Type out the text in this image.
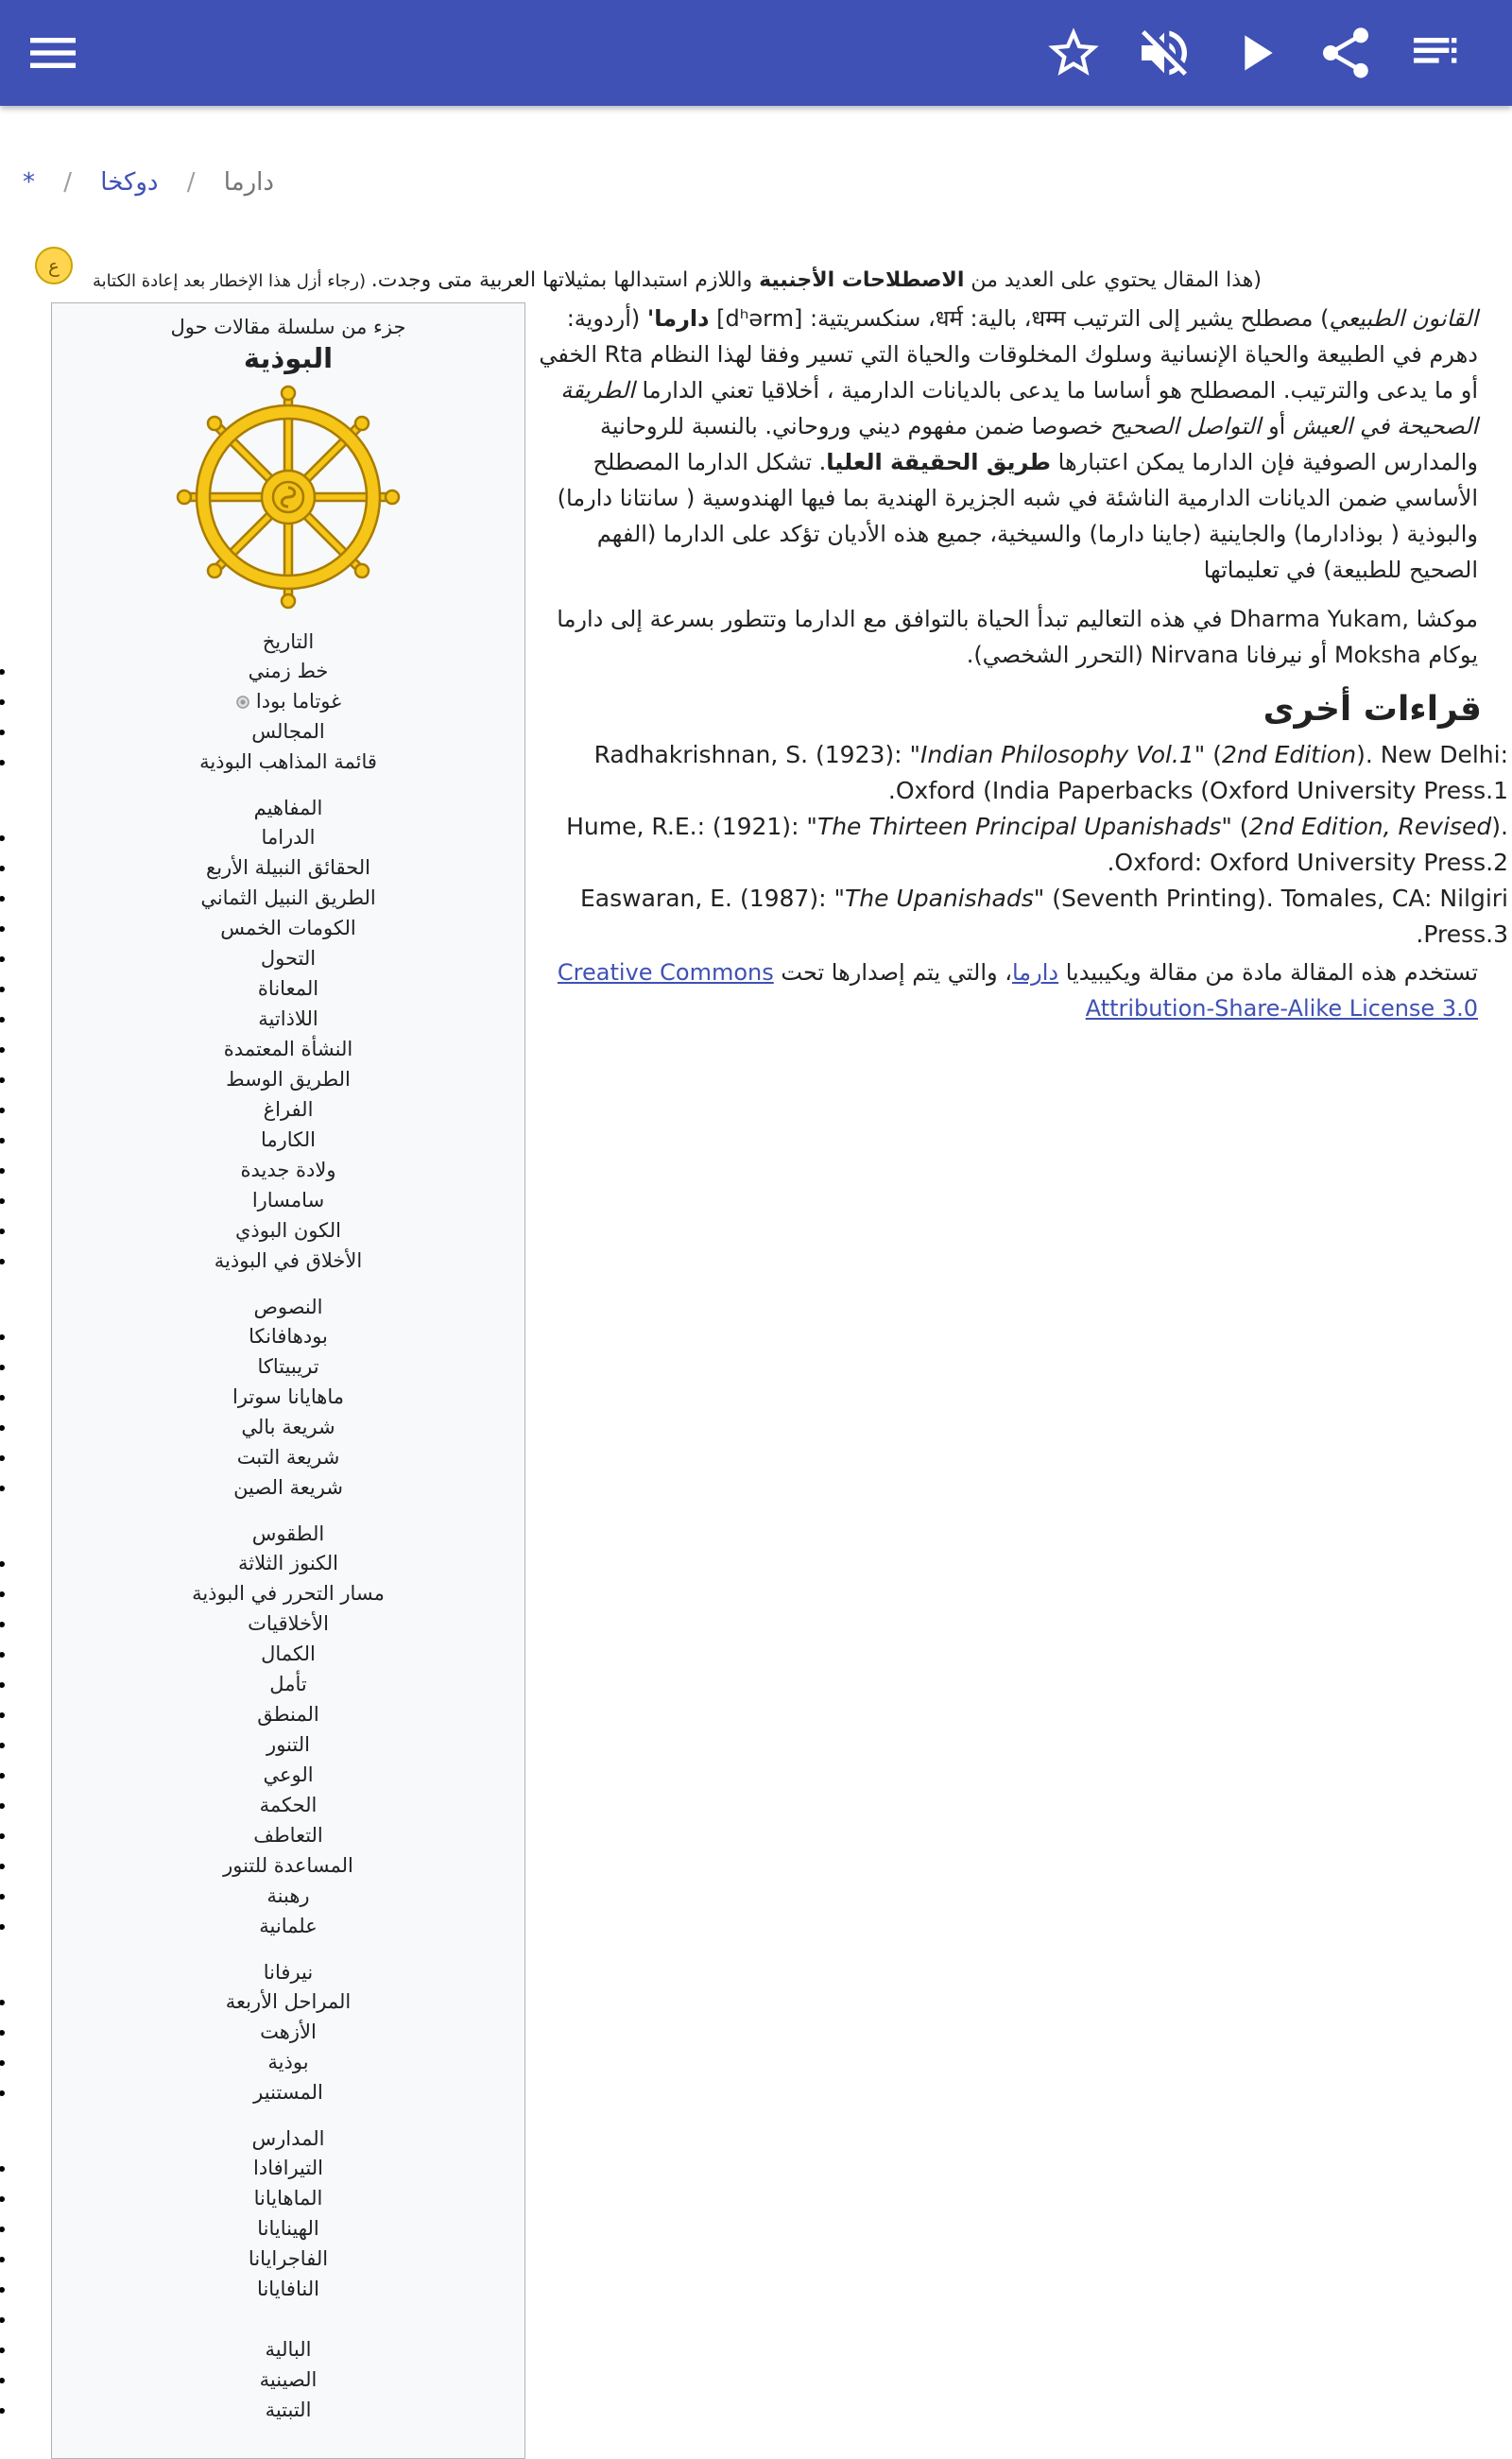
دارما / دوكخا / *
ع
(هذا المقال يحتوي على العديد من الاصطلاحات الأجنبية واللازم استبدالها بمثيلاتها العربية متى وجدت. (رجاء أزل هذا الإخطار بعد إعادة الكتابة
جزء من سلسلة مقالات حول
البوذية
التاريخ
خط زمني
غوتاما بودا
المجالس
قائمة المذاهب البوذية
المفاهيم
الدراما
الحقائق النبيلة الأربع
الطريق النبيل الثماني
الكومات الخمس
التحول
المعاناة
اللاذاتية
النشأة المعتمدة
الطريق الوسط
الفراغ
الكارما
ولادة جديدة
سامسارا
الكون البوذي
الأخلاق في البوذية
النصوص
بودهافانكا
تريبيتاكا
ماهايانا سوترا
شريعة بالي
شريعة التبت
شريعة الصين
الطقوس
الكنوز الثلاثة
مسار التحرر في البوذية
الأخلاقيات
الكمال
تأمل
المنطق
التنور
الوعي
الحكمة
التعاطف
المساعدة للتنور
رهبنة
علمانية
نيرفانا
المراحل الأربعة
الأزهت
بوذية
المستنير
المدارس
التيرافادا
الماهايانا
الهينايانا
الفاجرايانا
النافايانا
البالية
الصينية
التبتية

القانون الطبيعي) مصطلح يشير إلى الترتيب धम्म، بالية: धर्म، سنكسريتية: [dʰərm] دارما' (أردوية: دهرم في الطبيعة والحياة الإنسانية وسلوك المخلوقات والحياة التي تسير وفقا لهذا النظام Rta الخفي أو ما يدعى والترتيب. المصطلح هو أساسا ما يدعى بالديانات الدارمية ، أخلاقيا تعني الدارما الطريقة الصحيحة في العيش أو التواصل الصحيح خصوصا ضمن مفهوم ديني وروحاني. بالنسبة للروحانية والمدارس الصوفية فإن الدارما يمكن اعتبارها طريق الحقيقة العليا. تشكل الدارما المصطلح الأساسي ضمن الديانات الدارمية الناشئة في شبه الجزيرة الهندية بما فيها الهندوسية ( سانتانا دارما) والبوذية ( بوذادارما) والجاينية (جاينا دارما) والسيخية، جميع هذه الأديان تؤكد على الدارما (الفهم الصحيح للطبيعة) في تعليماتها

موكشا ,Dharma Yukam في هذه التعاليم تبدأ الحياة بالتوافق مع الدارما وتتطور بسرعة إلى دارما يوكام Moksha أو نيرفانا Nirvana (التحرر الشخصي).

قراءات أخرى
Radhakrishnan, S. (1923): "Indian Philosophy Vol.1" (2nd Edition). New Delhi: Oxford (India Paperbacks (Oxford University Press.1.
Hume, R.E.: (1921): "The Thirteen Principal Upanishads" (2nd Edition, Revised). Oxford: Oxford University Press.2.
Easwaran, E. (1987): "The Upanishads" (Seventh Printing). Tomales, CA: Nilgiri Press.3.
تستخدم هذه المقالة مادة من مقالة ويكيبيديا دارما، والتي يتم إصدارها تحت Creative Commons Attribution-Share-Alike License 3.0
